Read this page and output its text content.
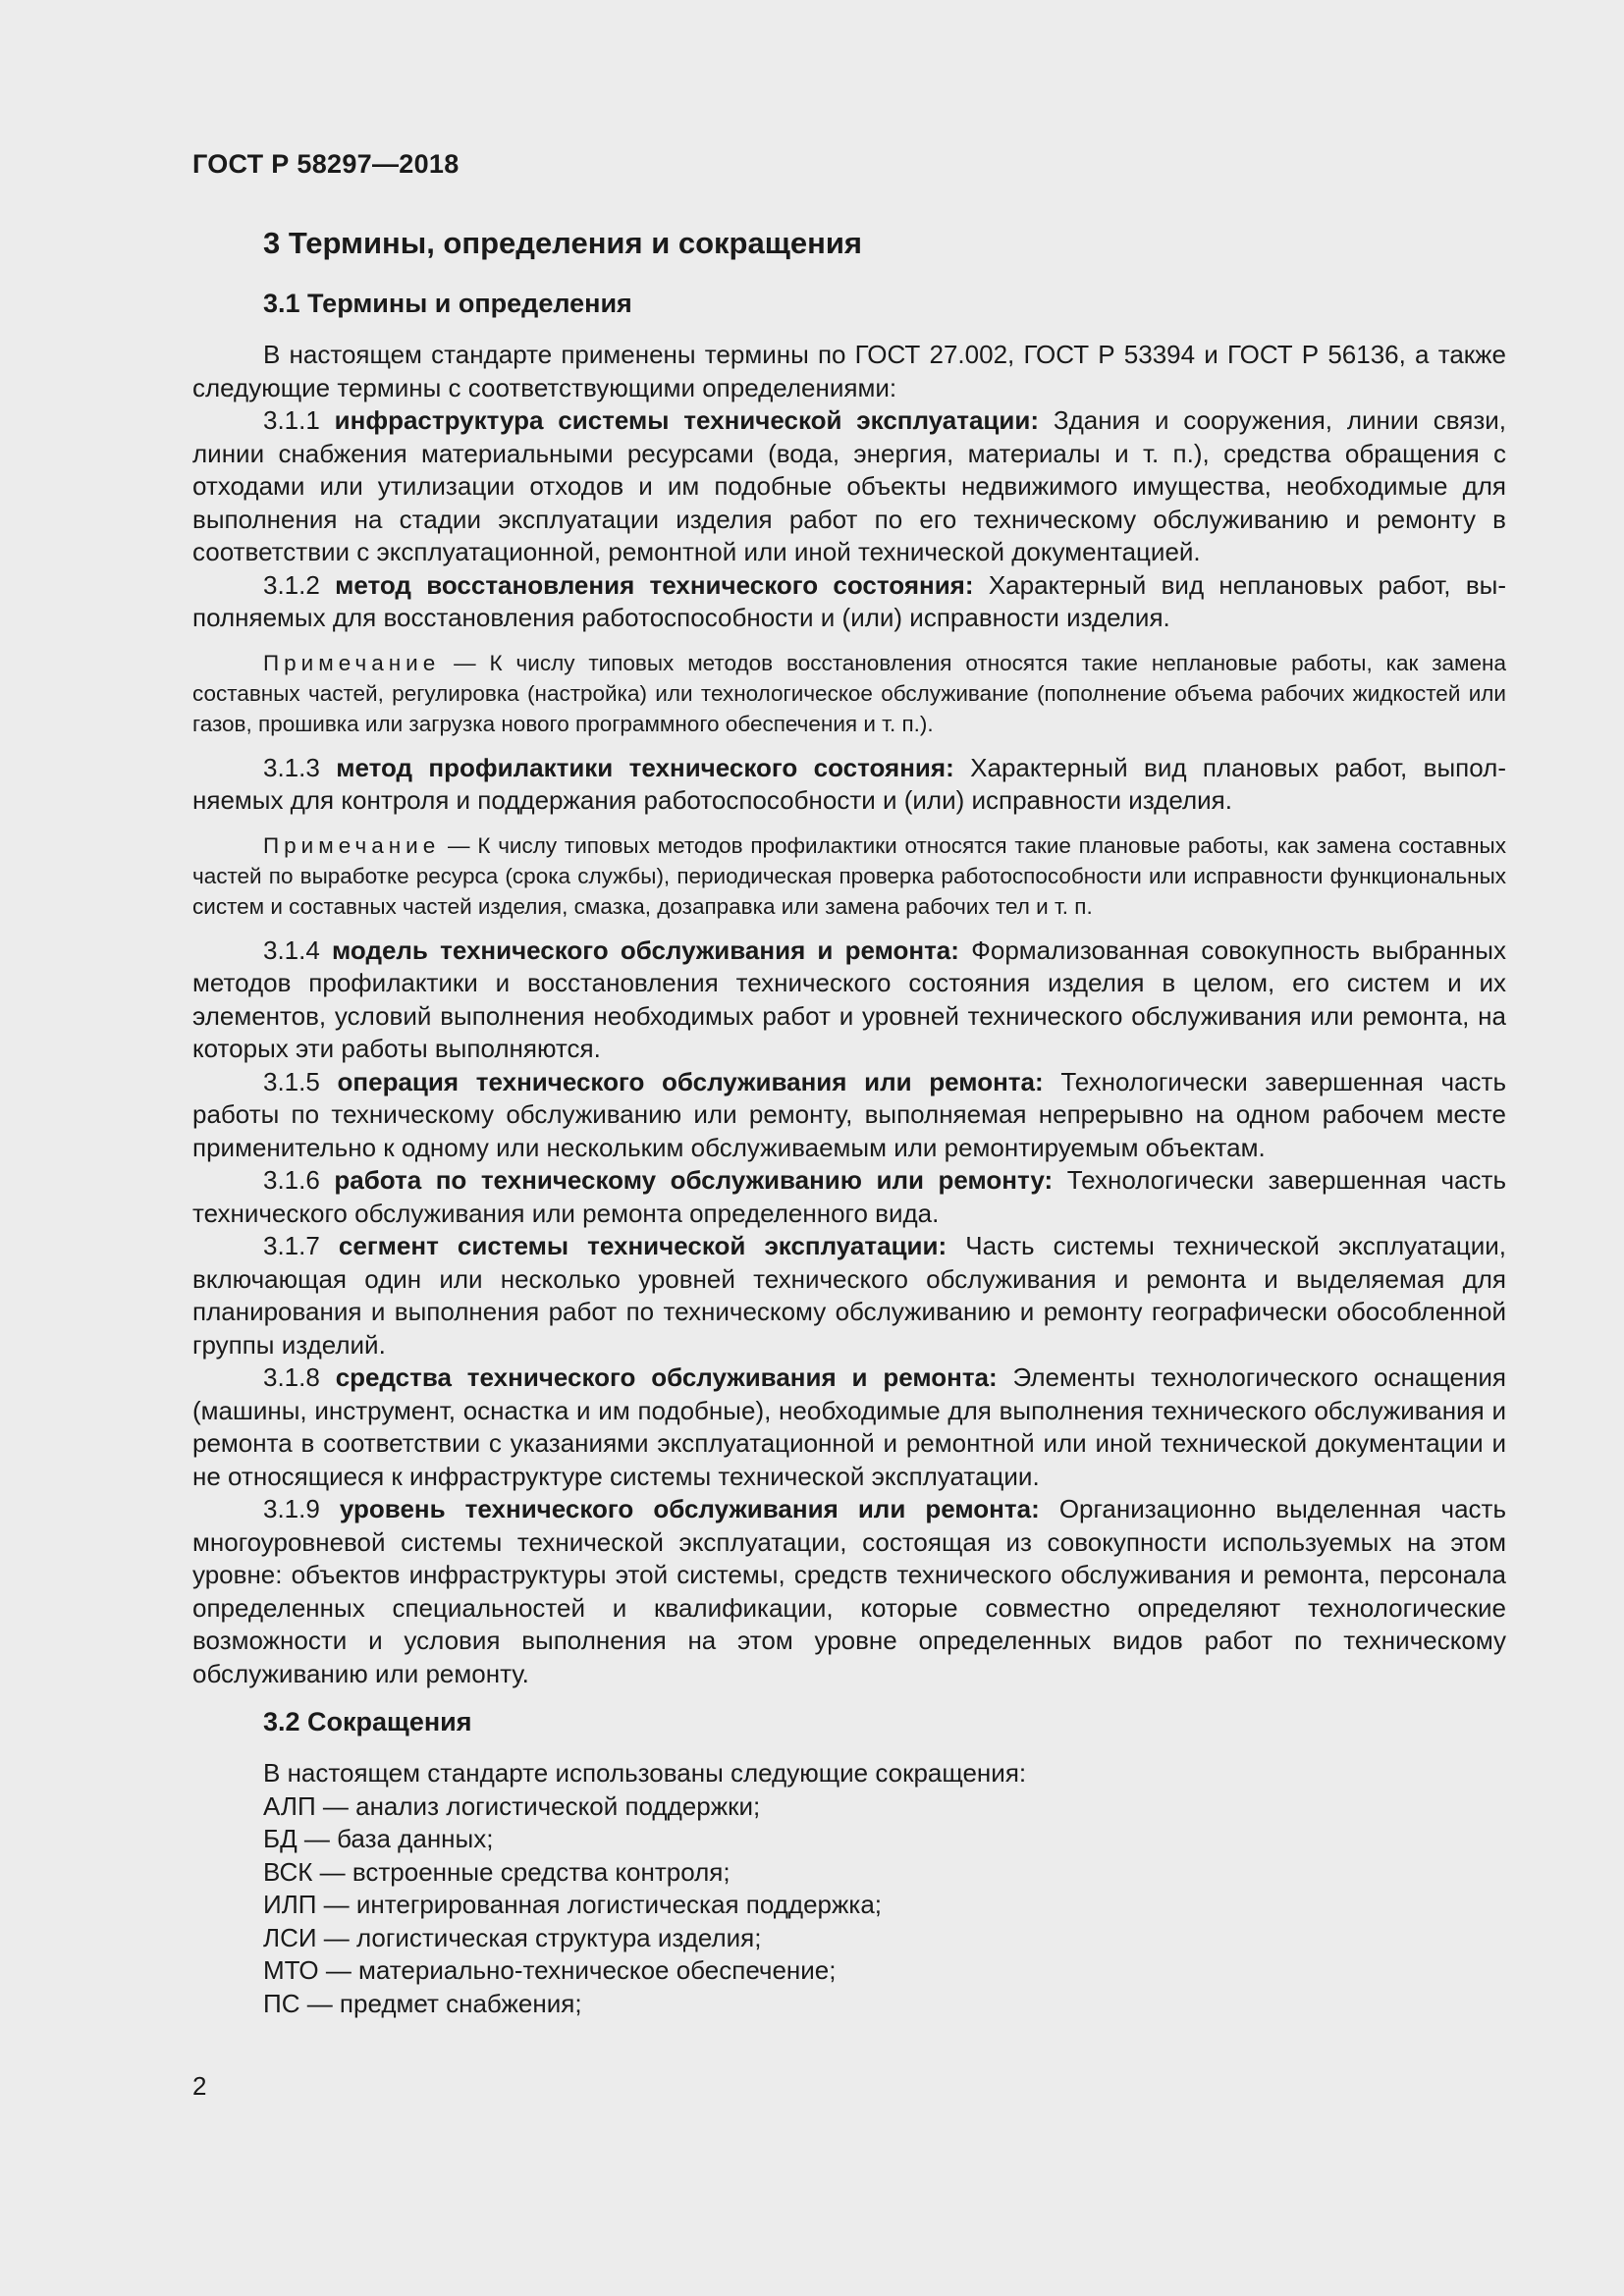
ГОСТ Р 58297—2018
3 Термины, определения и сокращения
3.1 Термины и определения

В настоящем стандарте применены термины по ГОСТ 27.002, ГОСТ Р 53394 и ГОСТ Р 56136, а также следующие термины с соответствующими определениями:

3.1.1 инфраструктура системы технической эксплуатации: Здания и сооружения, линии связи, линии снабжения материальными ресурсами (вода, энергия, материалы и т. п.), средства обращения с отходами или утилизации отходов и им подобные объекты недвижимого имущества, необходимые для выполнения на стадии эксплуатации изделия работ по его техническому обслуживанию и ремонту в соответствии с эксплуатационной, ремонтной или иной технической документацией.

3.1.2 метод восстановления технического состояния: Характерный вид неплановых работ, выполняемых для восстановления работоспособности и (или) исправности изделия.

Примечание — К числу типовых методов восстановления относятся такие неплановые работы, как замена составных частей, регулировка (настройка) или технологическое обслуживание (пополнение объема рабочих жидкостей или газов, прошивка или загрузка нового программного обеспечения и т. п.).

3.1.3 метод профилактики технического состояния: Характерный вид плановых работ, выполняемых для контроля и поддержания работоспособности и (или) исправности изделия.

Примечание — К числу типовых методов профилактики относятся такие плановые работы, как замена составных частей по выработке ресурса (срока службы), периодическая проверка работоспособности или исправности функциональных систем и составных частей изделия, смазка, дозаправка или замена рабочих тел и т. п.

3.1.4 модель технического обслуживания и ремонта: Формализованная совокупность выбранных методов профилактики и восстановления технического состояния изделия в целом, его систем и их элементов, условий выполнения необходимых работ и уровней технического обслуживания или ремонта, на которых эти работы выполняются.

3.1.5 операция технического обслуживания или ремонта: Технологически завершенная часть работы по техническому обслуживанию или ремонту, выполняемая непрерывно на одном рабочем месте применительно к одному или нескольким обслуживаемым или ремонтируемым объектам.

3.1.6 работа по техническому обслуживанию или ремонту: Технологически завершенная часть технического обслуживания или ремонта определенного вида.

3.1.7 сегмент системы технической эксплуатации: Часть системы технической эксплуатации, включающая один или несколько уровней технического обслуживания и ремонта и выделяемая для планирования и выполнения работ по техническому обслуживанию и ремонту географически обособленной группы изделий.

3.1.8 средства технического обслуживания и ремонта: Элементы технологического оснащения (машины, инструмент, оснастка и им подобные), необходимые для выполнения технического обслуживания и ремонта в соответствии с указаниями эксплуатационной и ремонтной или иной технической документации и не относящиеся к инфраструктуре системы технической эксплуатации.

3.1.9 уровень технического обслуживания или ремонта: Организационно выделенная часть многоуровневой системы технической эксплуатации, состоящая из совокупности используемых на этом уровне: объектов инфраструктуры этой системы, средств технического обслуживания и ремонта, персонала определенных специальностей и квалификации, которые совместно определяют технологические возможности и условия выполнения на этом уровне определенных видов работ по техническому обслуживанию или ремонту.

3.2 Сокращения

В настоящем стандарте использованы следующие сокращения:

АЛП — анализ логистической поддержки;

БД — база данных;

ВСК — встроенные средства контроля;

ИЛП — интегрированная логистическая поддержка;

ЛСИ — логистическая структура изделия;

МТО — материально-техническое обеспечение;

ПС — предмет снабжения;

2
